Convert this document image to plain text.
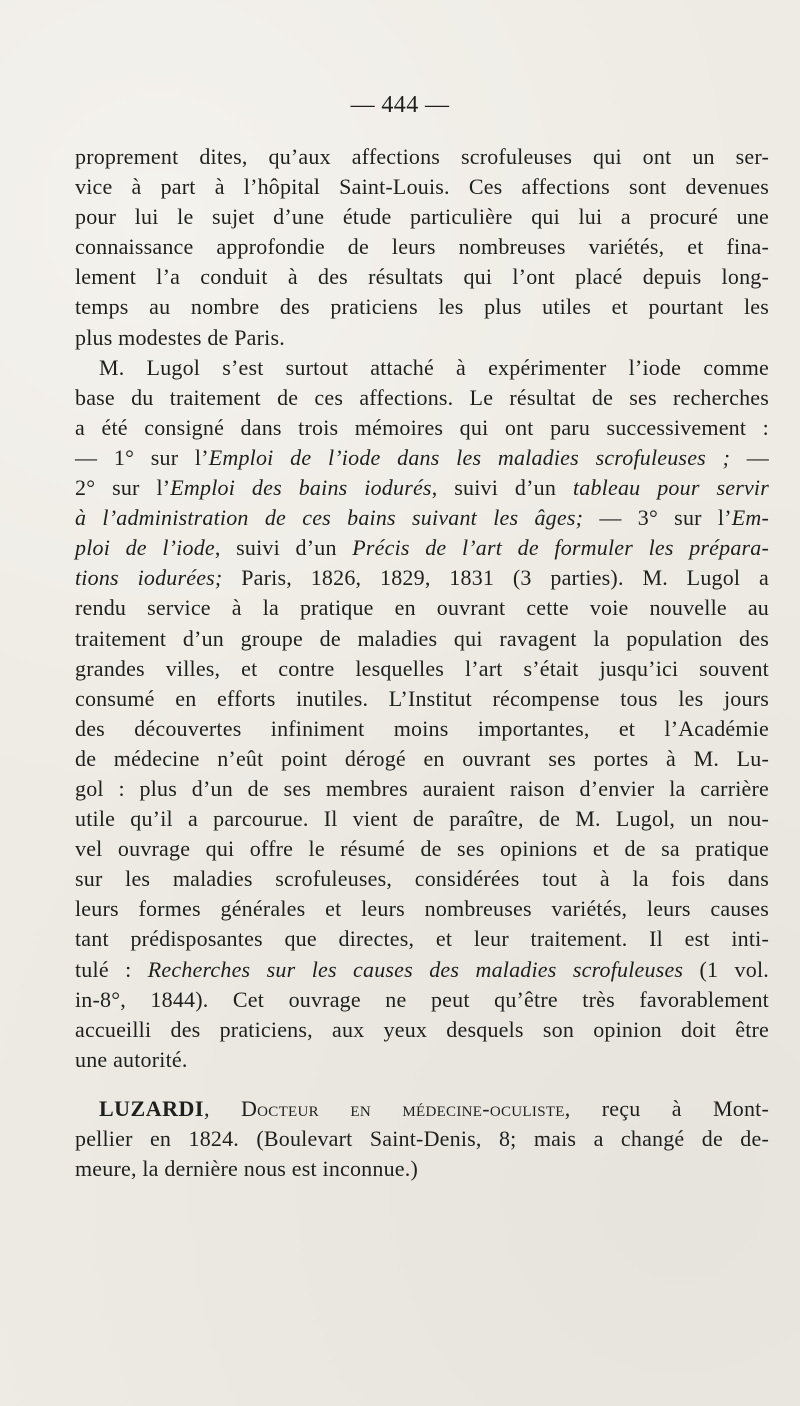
— 444 —
proprement dites, qu’aux affections scrofuleuses qui ont un ser-
vice à part à l’hôpital Saint-Louis. Ces affections sont devenues
pour lui le sujet d’une étude particulière qui lui a procuré une
connaissance approfondie de leurs nombreuses variétés, et fina-
lement l’a conduit à des résultats qui l’ont placé depuis long-
temps au nombre des praticiens les plus utiles et pourtant les
plus modestes de Paris.
M. Lugol s’est surtout attaché à expérimenter l’iode comme
base du traitement de ces affections. Le résultat de ses recherches
a été consigné dans trois mémoires qui ont paru successivement :
— 1° sur l’Emploi de l’iode dans les maladies scrofuleuses ; —
2° sur l’Emploi des bains iodurés, suivi d’un tableau pour servir
à l’administration de ces bains suivant les âges; — 3° sur l’Em-
ploi de l’iode, suivi d’un Précis de l’art de formuler les prépara-
tions iodurées; Paris, 1826, 1829, 1831 (3 parties). M. Lugol a
rendu service à la pratique en ouvrant cette voie nouvelle au
traitement d’un groupe de maladies qui ravagent la population des
grandes villes, et contre lesquelles l’art s’était jusqu’ici souvent
consumé en efforts inutiles. L’Institut récompense tous les jours
des découvertes infiniment moins importantes, et l’Académie
de médecine n’eût point dérogé en ouvrant ses portes à M. Lu-
gol : plus d’un de ses membres auraient raison d’envier la carrière
utile qu’il a parcourue. Il vient de paraître, de M. Lugol, un nou-
vel ouvrage qui offre le résumé de ses opinions et de sa pratique
sur les maladies scrofuleuses, considérées tout à la fois dans
leurs formes générales et leurs nombreuses variétés, leurs causes
tant prédisposantes que directes, et leur traitement. Il est inti-
tulé : Recherches sur les causes des maladies scrofuleuses (1 vol.
in-8°, 1844). Cet ouvrage ne peut qu’être très favorablement
accueilli des praticiens, aux yeux desquels son opinion doit être
une autorité.
LUZARDI, Docteur en médecine-oculiste, reçu à Mont-
pellier en 1824. (Boulevart Saint-Denis, 8; mais a changé de de-
meure, la dernière nous est inconnue.)
